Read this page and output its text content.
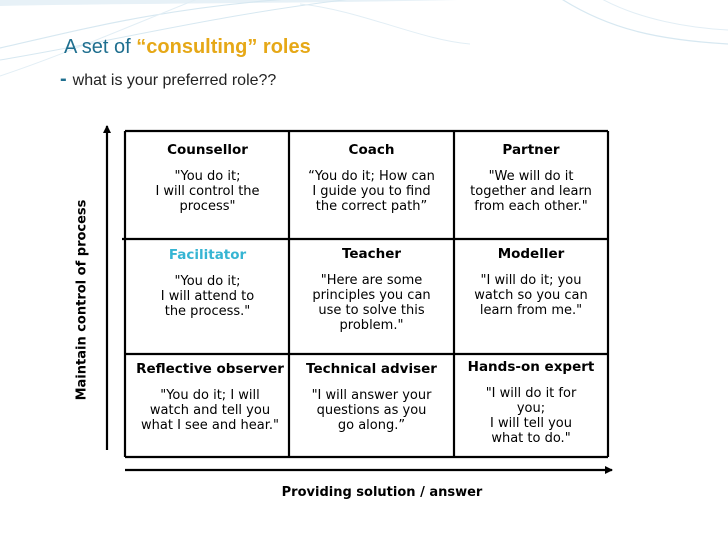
A set of “consulting” roles
- what is your preferred role??
Counsellor
"You do it;
I will control the
process"
Coach
“You do it; How can
I guide you to find
the correct path”
Partner
"We will do it
together and learn
from each other."
Facilitator
"You do it;
I will attend to
the process."
Teacher
"Here are some
principles you can
use to solve this
problem."
Modeller
"I will do it; you
watch so you can
learn from me."
Reflective observer
"You do it; I will
watch and tell you
what I see and hear."
Technical adviser
"I will answer your
questions as you
go along.”
Hands-on expert
"I will do it for
you;
I will tell you
what to do."
Maintain control of process
Providing solution / answer
